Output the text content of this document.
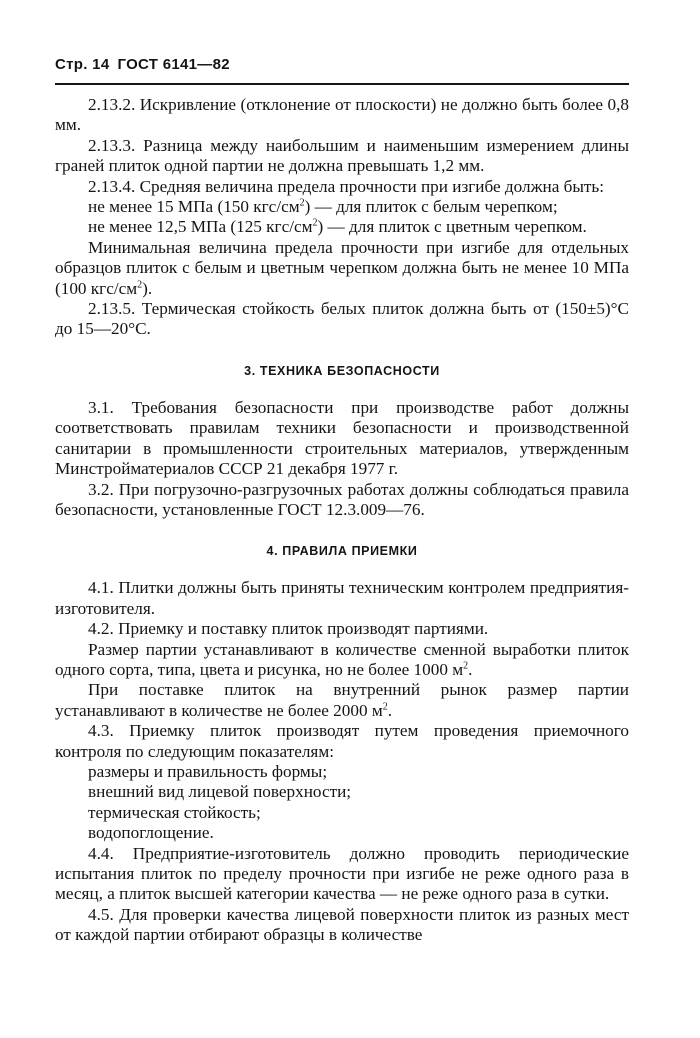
Стр. 14 ГОСТ 6141—82

2.13.2. Искривление (отклонение от плоскости) не должно быть более 0,8 мм.

2.13.3. Разница между наибольшим и наименьшим измерением длины граней плиток одной партии не должна превышать 1,2 мм.

2.13.4. Средняя величина предела прочности при изгибе должна быть:

не менее 15 МПа (150 кгс/$см^2$) — для плиток с белым черепком;

не менее 12,5 МПа (125 кгс/$см^2$) — для плиток с цветным черепком.

Минимальная величина предела прочности при изгибе для отдельных образцов плиток с белым и цветным черепком должна быть не менее 10 МПа (100 кгс/$см^2$).

2.13.5. Термическая стойкость белых плиток должна быть от (150±5)°С до 15—20°С.

3. ТЕХНИКА БЕЗОПАСНОСТИ

3.1. Требования безопасности при производстве работ должны соответствовать правилам техники безопасности и производственной санитарии в промышленности строительных материалов, утвержденным Минстройматериалов СССР 21 декабря 1977 г.

3.2. При погрузочно-разгрузочных работах должны соблюдаться правила безопасности, установленные ГОСТ 12.3.009—76.

4. ПРАВИЛА ПРИЕМКИ

4.1. Плитки должны быть приняты техническим контролем предприятия-изготовителя.

4.2. Приемку и поставку плиток производят партиями.

Размер партии устанавливают в количестве сменной выработки плиток одного сорта, типа, цвета и рисунка, но не более 1000 $м^2$.

При поставке плиток на внутренний рынок размер партии устанавливают в количестве не более 2000 $м^2$.

4.3. Приемку плиток производят путем проведения приемочного контроля по следующим показателям:

размеры и правильность формы;

внешний вид лицевой поверхности;

термическая стойкость;

водопоглощение.

4.4. Предприятие-изготовитель должно проводить периодические испытания плиток по пределу прочности при изгибе не реже одного раза в месяц, а плиток высшей категории качества — не реже одного раза в сутки.

4.5. Для проверки качества лицевой поверхности плиток из разных мест от каждой партии отбирают образцы в количестве
